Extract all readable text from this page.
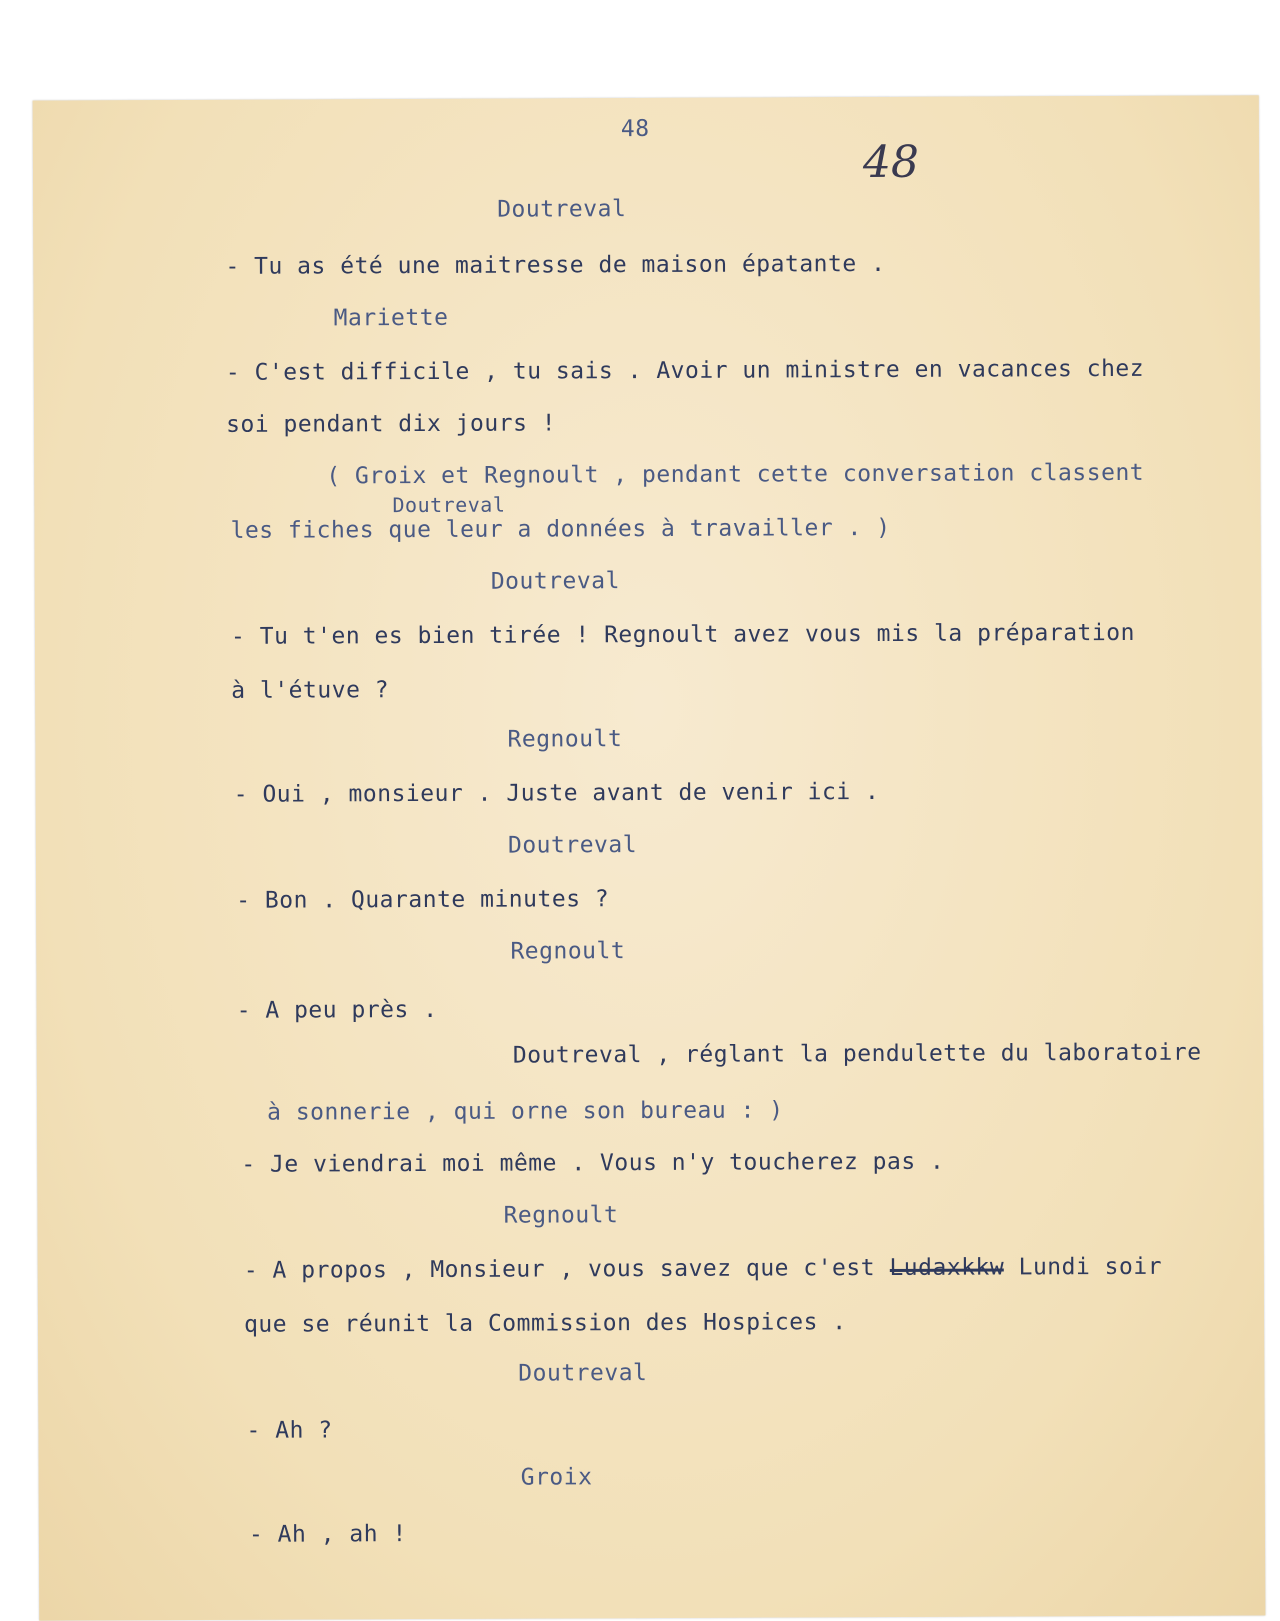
48
48
Doutreval
- Tu as été une maitresse de maison épatante .
Mariette
- C'est difficile , tu sais . Avoir un ministre en vacances chez
soi pendant dix jours !
( Groix et Regnoult , pendant cette conversation classent
Doutreval
les fiches que leur a données à travailler . )
Doutreval
- Tu t'en es bien tirée ! Regnoult avez vous mis la préparation
à l'étuve ?
Regnoult
- Oui , monsieur . Juste avant de venir ici .
Doutreval
- Bon . Quarante minutes ?
Regnoult
- A peu près .
Doutreval , réglant la pendulette du laboratoire
à sonnerie , qui orne son bureau : )
- Je viendrai moi même . Vous n'y toucherez pas .
Regnoult
- A propos , Monsieur , vous savez que c'est Ludaxkkw Lundi soir
que se réunit la Commission des Hospices .
Doutreval
- Ah ?
Groix
- Ah , ah !
